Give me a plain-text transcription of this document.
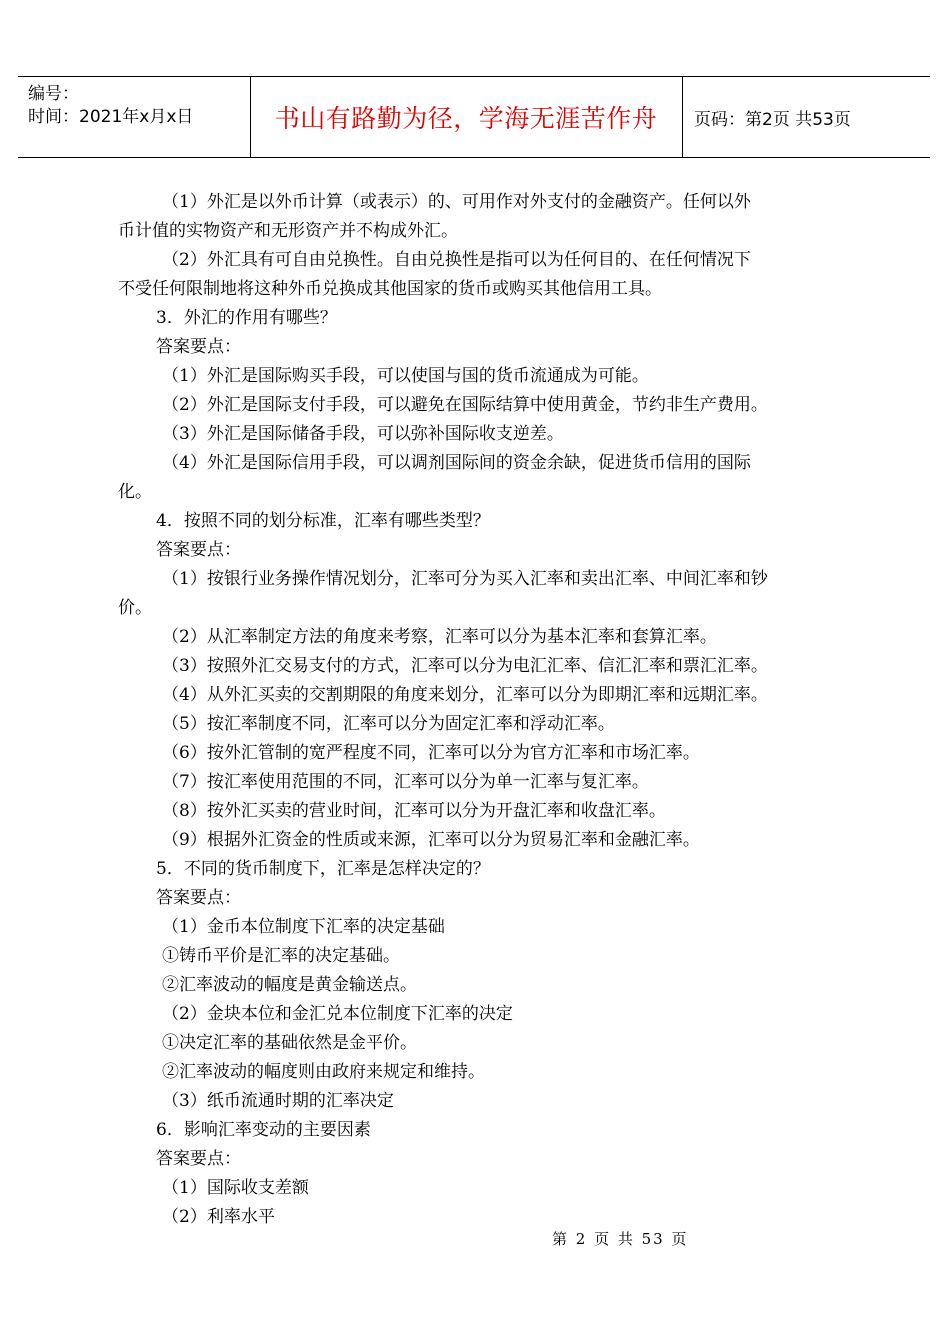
编号：
时间：2021年x月x日	书山有路勤为径，学海无涯苦作舟	页码：第2页 共53页

（1）外汇是以外币计算（或表示）的、可用作对外支付的金融资产。任何以外

币计值的实物资产和无形资产并不构成外汇。

（2）外汇具有可自由兑换性。自由兑换性是指可以为任何目的、在任何情况下

不受任何限制地将这种外币兑换成其他国家的货币或购买其他信用工具。

3．外汇的作用有哪些？

答案要点：

（1）外汇是国际购买手段，可以使国与国的货币流通成为可能。

（2）外汇是国际支付手段，可以避免在国际结算中使用黄金，节约非生产费用。

（3）外汇是国际储备手段，可以弥补国际收支逆差。

（4）外汇是国际信用手段，可以调剂国际间的资金余缺，促进货币信用的国际

化。

4．按照不同的划分标准，汇率有哪些类型？

答案要点：

（1）按银行业务操作情况划分，汇率可分为买入汇率和卖出汇率、中间汇率和钞

价。

（2）从汇率制定方法的角度来考察，汇率可以分为基本汇率和套算汇率。

（3）按照外汇交易支付的方式，汇率可以分为电汇汇率、信汇汇率和票汇汇率。

（4）从外汇买卖的交割期限的角度来划分，汇率可以分为即期汇率和远期汇率。

（5）按汇率制度不同，汇率可以分为固定汇率和浮动汇率。

（6）按外汇管制的宽严程度不同，汇率可以分为官方汇率和市场汇率。

（7）按汇率使用范围的不同，汇率可以分为单一汇率与复汇率。

（8）按外汇买卖的营业时间，汇率可以分为开盘汇率和收盘汇率。

（9）根据外汇资金的性质或来源，汇率可以分为贸易汇率和金融汇率。

5．不同的货币制度下，汇率是怎样决定的？

答案要点：

（1）金币本位制度下汇率的决定基础

①铸币平价是汇率的决定基础。

②汇率波动的幅度是黄金输送点。

（2）金块本位和金汇兑本位制度下汇率的决定

①决定汇率的基础依然是金平价。

②汇率波动的幅度则由政府来规定和维持。

（3）纸币流通时期的汇率决定

6．影响汇率变动的主要因素

答案要点：

（1）国际收支差额

（2）利率水平

第 2 页 共 53 页
